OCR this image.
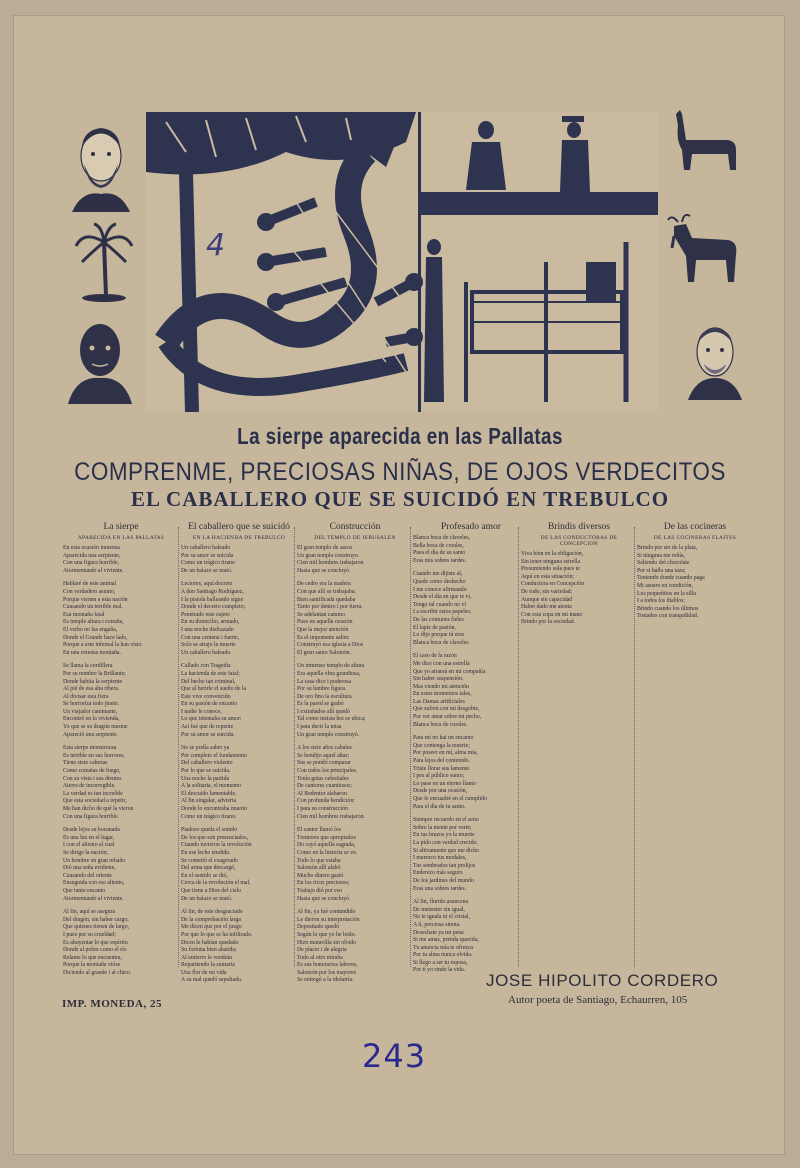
4
La sierpe aparecida en las Pallatas
COMPRENME, PRECIOSAS NIÑAS, DE OJOS VERDECITOS
EL CABALLERO QUE SE SUICIDÓ EN TREBULCO
La sierpe
APARECIDA EN LAS PALLATAS

En esta ocasión inmensa
Aparecida una serpiente,
Con una figura horrible,
Atormentando al viviente.

Hablaré de este animal
Con verdadero asunto,
Porque vienen a esta nación
Causando un terrible mal.
Esa montaña fatal
Es temple altura i extraña,
El verbo no las engaña,
Donde el Grande hace lado,
Porque a este infernal la han visto
En una extensa montaña.

Se llama la cordillera
Por su nombre la Brillante;
Donde habita la serpiente
Al pié de esa alta ribera.
Al divisar esta fiera
Se horroriza todo jinete.
Un viajador caminante,
Encontró en la vivienda,
Yo que se su dragón mesme
Apareció una serpiente.

Esta sierpe monstruosa
Es terrible en sus horrores,
Tiene siete cabezas
Como cometas de fuego,
Con su vista i sus dientes
Aterra de incorregible.
La verdad es tan increíble
Que esta sociedad a repetir,
Me han dicho de qué la vieron
Con una figura horrible.

Desde lejos su bocanada
Es una luz en el lugar,
I con el aliento al cual
Se dirige la nación;
Un hombre en gran rebaño
Dió una seña evidente,
Causando del oriente
Enseguida con ese aliento,
Que tanto encanto
Atormentando al viviente.

Al fin, aquí se asegura
Del dragón, sin haber cargo;
Que quienes tienen de largo,
I pues por su crueldad;
Es ahuyentar lo que espíritu
Donde al pobre como el río
Relame lo que encuentra,
Porque la montaña vióse
Diciendo al grande i al chico.

El caballero que se suicidó
EN LA HACIENDA DE TREBULCO

Un caballero baleado
Por su amor se suicida
Como un trágico tirano
De un balazo se mató.

Lectores, aquí decreto
A don Santiago Rodríguez,
I la pistola balleando sigue
Donde el decreto completo;
Penetrado este sujeto
En su domicilio, armado,
I una noche disfrazado
Con una centena i fuerte,
Solo se atrajo la muerte
Un caballero baleado.

Callado con Tragedia
La hacienda de este fatal;
Del hecho tan criminal,
Que al herirle el sueño de la
Este vive convencido
En su pasión de encanto
I nadie le conoce,
Lo que intentaba su amor:
Así fué que de repente
Por su amor se suicida.

No se podía saber ya
Por completo el fundamento
Del caballero violento
Por lo que se suicida.
Una noche la partida
A la solitaria, el momento
El descuido lamentable,
Al fin singular, advierta
Donde lo encontraba muerto
Como un trágico tirano.

Piadoso queda el sonido
De los que son presenciados,
Cuando tuvieron la revolución
En ese lecho tendido.
Se cometió el exagerado
Del arma que descargó,
En el sentido se dió,
Cerca de la revolución el mal,
Que tiene a Dios del cielo
De un balazo se mató.

Al fin, de este desgraciado
De la comprobación larga
Me dicen que por el juego
Por que lo que se ha infiltrado.
Dicen le habían quedado
Su fortuna bien abatida;
Al entierro le vendrán
Repartiendo la sumaria
Una flor de mi vida
A su mal quedó sepultado.

Construcción
DEL TEMPLO DE JERUSALEN

El gran templo de sacos
Un gran templo construyo.
Cien mil hombres trabajaron
Hasta que se concluyó.

De cedro era la madera
Con que allí se trabajaba;
Bien santificada quedaba
Tanto por dentro i por fuera.
Se adelantan camino
Puso en aquella ocasión
Que la mejor atención
Es el imponente salón:
Construyó esa iglesia a Dios
El gran santo Salomón.

Un inmenso templo de altura
Era aquella obra grandiosa,
La casa dice i poderosa
Por su lumbre figura.
De oro fino la escultura
Es la pared se grabó
I extrañados allí quedó
Tal como insista hoi se ubica;
I para decir la misa
Un gran templo construyó.

A los siete años cabales
Se bendijo aquel altar;
Sus se pondó comparar
Con todos los principales.
Tenía gotas celestiales
De cantores cuantiosos;
Al Redentor alabaron
Con profunda bendición:
I para su construcción
Cien mil hombres trabajaron.

El cantor llamó los
Tremores que apropiados
Do cayó aquella sagrada,
Como en la historia se ve.
Todo lo que estaba
Salomón allí alabó
Mucho dinero gastó
En los ricos preciosos;
Trabajo dió por eso
Hasta que se concluyó.

Al fin, ya fué contundido
Le dieron su interpretación
Depositado quedó
Según lo que yo he leido.
Hizo maravilla sin olvido
De placer i de alegría
Todo al otro miraba
Es sus honorarios labores,
Salomón por los mayores
Se entregó a la idolatría.

Profesado amor

Blanca boca de claveles,
Bella boca de corales,
Pues el día de su santo
Eras mis sobres tardes.

Cuando me dijiste al,
Quede como deshecho
I me conoce afirmando
Desde el día en que te ví,
Tengo tal cuando no ví
I a escribir estos papeles;
De las comunes fieles
El lapiz de pasión,
Lo dijo porque tú eres
Blanca boca de claveles.

El caso de la razón
Me dice con una estrella
Que yo atraerá en mi compañía
Sin haber suspensión.
Mas viendo mi atención
En estos momentos tales,
Las Damas artificiales
Que sufren con mi desgobie,
Por ver amar sobre mi pecho,
Blanca boca de corales.

Para mí no hai un encanto
Que contenga la muerte;
Por poseer en mí, alma mía,
Para lejos del contenido.
Triste llorar sus lamento
I pes al público sumo;
Lo pase en un eterno llanto
Desde por una ocasión,
Que fe encuadré en el cumplido
Para el día de tu santo.

Siempre recuerdo en el seno
Sobre la mente por verte;
En tus brazos yo la muerte
La pido con verdad crecido.
Si altivamente que me dicho
I merezco tus modales,
Tus sembrados tan prolijos
Enderezo más seguro
De los jardines del mundo
Eras una sobres tardes.

Al fin, florido asuncena
De menester sin igual,
No te iguala ni el cristal,
A tí, preciosa sirena.
Desechate ya mi pena
Si me amas, prenda querida;
Tu anuncia mía te ofrezca
Por tu alma nunca olvida.
Si llego a ser tu esposa,
Por tí yo rindo la vida.

Brindis diversos
DE LAS CONDUCTORAS DE CONCEPCION

Viva bien en la obligación,
Sin tener ninguna estrella
Presumiendo sola pues te
Aquí en esta situación;
Conductora en Concepción
De todo, sin variedad;
Aunque sin capacidad
Haber dado me atenta
Con esta copa en mi mano
Brindo por la sociedad.

De las cocineras
DE LAS COCINERAS FLAITES

Brindo por ser de la plata,
Si ninguna me reñía,
Saliendo del chocolate
Por si hallo una taza;
Teniendo donde cuando paga
Mi asuero en condición,
Los pequeñitos en la silla
I a todos los diablos;
Brindo cuando los últimos
Tostados con tranquilidad.

IMP. MONEDA, 25
JOSE HIPOLITO CORDERO
Autor poeta de Santiago, Echaurren, 105
243
